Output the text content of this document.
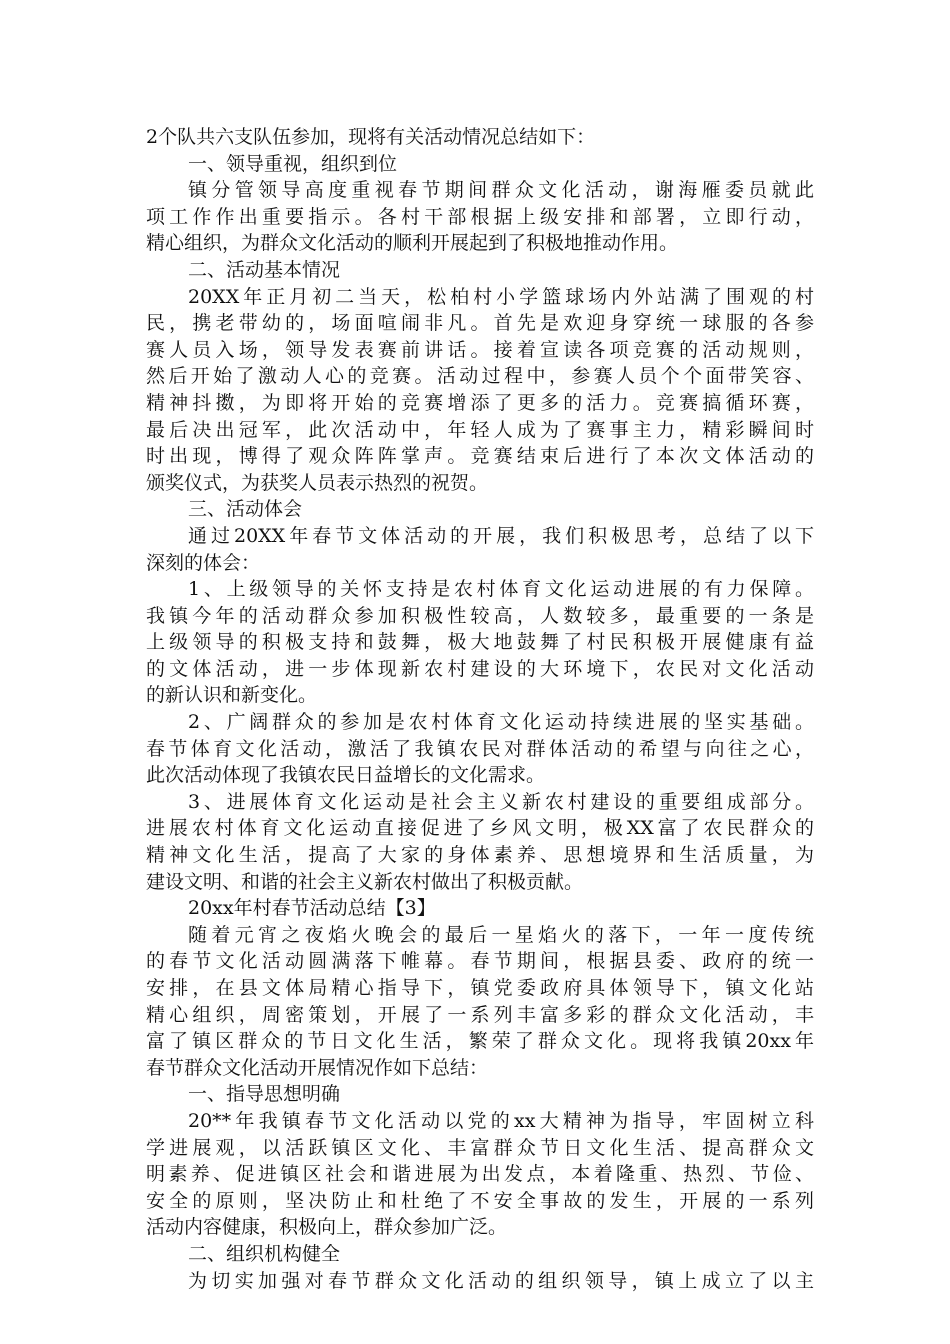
2个队共六支队伍参加，现将有关活动情况总结如下：
一、领导重视，组织到位
镇分管领导高度重视春节期间群众文化活动，谢海雁委员就此
项工作作出重要指示。各村干部根据上级安排和部署，立即行动，
精心组织，为群众文化活动的顺利开展起到了积极地推动作用。
二、活动基本情况
20XX年正月初二当天，松柏村小学篮球场内外站满了围观的村
民，携老带幼的，场面喧闹非凡。首先是欢迎身穿统一球服的各参
赛人员入场，领导发表赛前讲话。接着宣读各项竞赛的活动规则，
然后开始了激动人心的竞赛。活动过程中，参赛人员个个面带笑容、
精神抖擞，为即将开始的竞赛增添了更多的活力。竞赛搞循环赛，
最后决出冠军，此次活动中，年轻人成为了赛事主力，精彩瞬间时
时出现，博得了观众阵阵掌声。竞赛结束后进行了本次文体活动的
颁奖仪式，为获奖人员表示热烈的祝贺。
三、活动体会
通过20XX年春节文体活动的开展，我们积极思考，总结了以下
深刻的体会：
1、上级领导的关怀支持是农村体育文化运动进展的有力保障。
我镇今年的活动群众参加积极性较高，人数较多，最重要的一条是
上级领导的积极支持和鼓舞，极大地鼓舞了村民积极开展健康有益
的文体活动，进一步体现新农村建设的大环境下，农民对文化活动
的新认识和新变化。
2、广阔群众的参加是农村体育文化运动持续进展的坚实基础。
春节体育文化活动，激活了我镇农民对群体活动的希望与向往之心，
此次活动体现了我镇农民日益增长的文化需求。
3、进展体育文化运动是社会主义新农村建设的重要组成部分。
进展农村体育文化运动直接促进了乡风文明，极XX富了农民群众的
精神文化生活，提高了大家的身体素养、思想境界和生活质量，为
建设文明、和谐的社会主义新农村做出了积极贡献。
20xx年村春节活动总结【3】
随着元宵之夜焰火晚会的最后一星焰火的落下，一年一度传统
的春节文化活动圆满落下帷幕。春节期间，根据县委、政府的统一
安排，在县文体局精心指导下，镇党委政府具体领导下，镇文化站
精心组织，周密策划，开展了一系列丰富多彩的群众文化活动，丰
富了镇区群众的节日文化生活，繁荣了群众文化。现将我镇20xx年
春节群众文化活动开展情况作如下总结：
一、指导思想明确
20**年我镇春节文化活动以党的xx大精神为指导，牢固树立科
学进展观，以活跃镇区文化、丰富群众节日文化生活、提高群众文
明素养、促进镇区社会和谐进展为出发点，本着隆重、热烈、节俭、
安全的原则，坚决防止和杜绝了不安全事故的发生，开展的一系列
活动内容健康，积极向上，群众参加广泛。
二、组织机构健全
为切实加强对春节群众文化活动的组织领导，镇上成立了以主
